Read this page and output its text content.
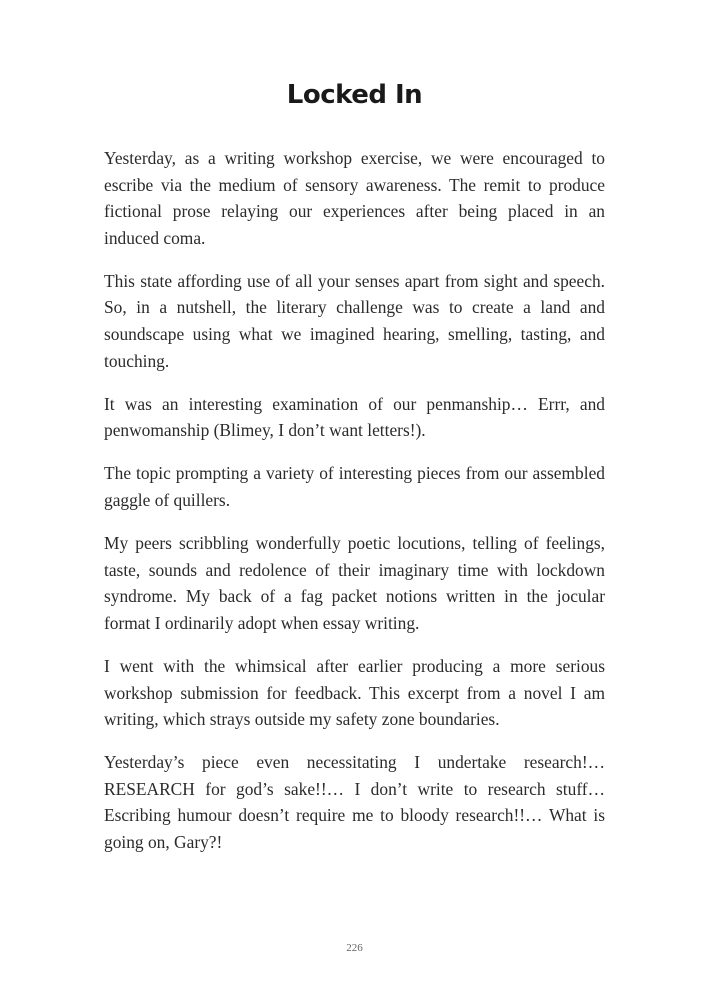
Locked In

Yesterday, as a writing workshop exercise, we were encouraged to escribe via the medium of sensory awareness. The remit to produce fictional prose relaying our experiences after being placed in an induced coma.

This state affording use of all your senses apart from sight and speech. So, in a nutshell, the literary challenge was to create a land and soundscape using what we imagined hearing, smelling, tasting, and touching.

It was an interesting examination of our penmanship… Errr, and penwomanship (Blimey, I don’t want letters!).

The topic prompting a variety of interesting pieces from our assembled gaggle of quillers.

My peers scribbling wonderfully poetic locutions, telling of feelings, taste, sounds and redolence of their imaginary time with lockdown syndrome. My back of a fag packet notions written in the jocular format I ordinarily adopt when essay writing.

I went with the whimsical after earlier producing a more serious workshop submission for feedback. This excerpt from a novel I am writing, which strays outside my safety zone boundaries.

Yesterday’s piece even necessitating I undertake research!… RESEARCH for god’s sake!!… I don’t write to research stuff… Escribing humour doesn’t require me to bloody research!!… What is going on, Gary?!

226
